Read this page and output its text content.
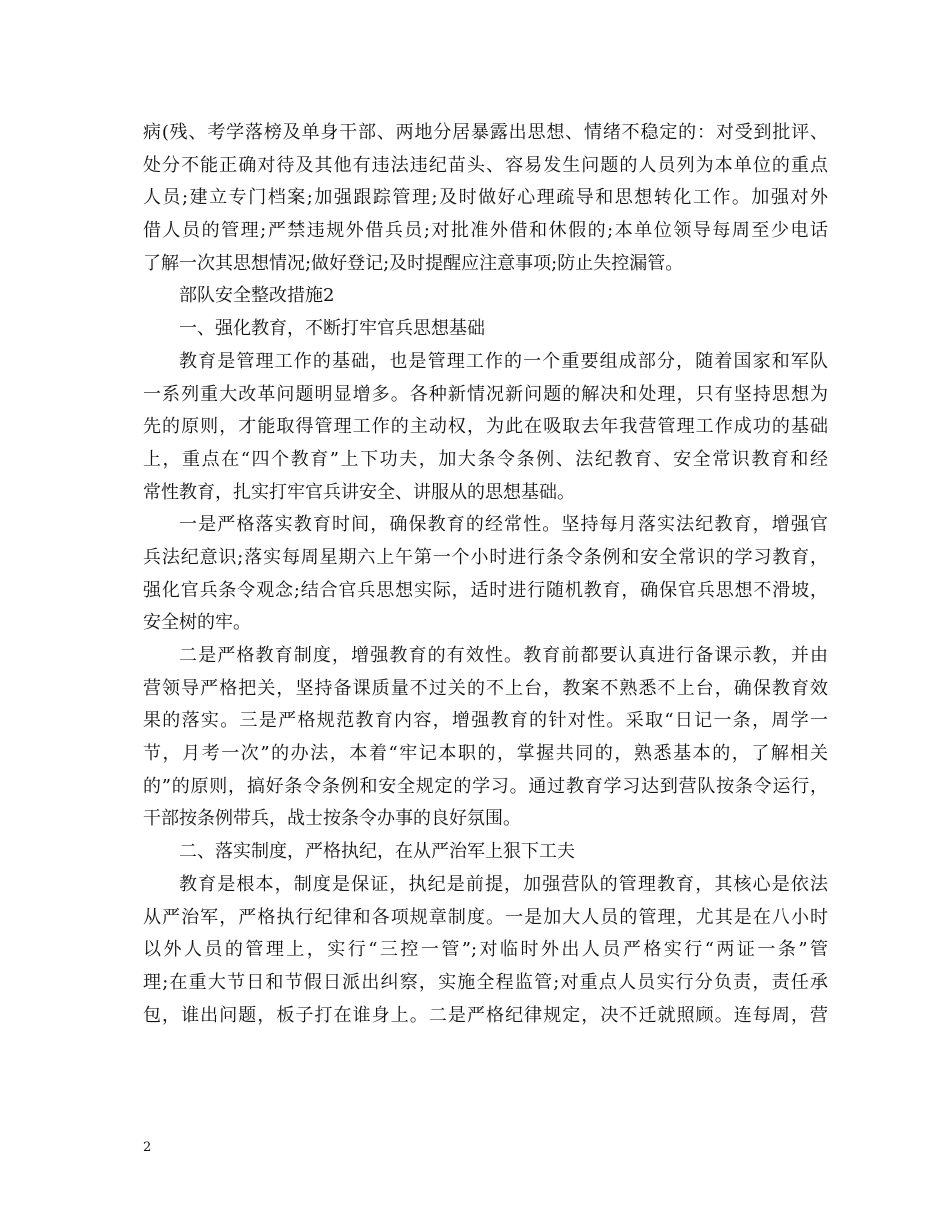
病(残、考学落榜及单身干部、两地分居暴露出思想、情绪不稳定的：对受到批评、
处分不能正确对待及其他有违法违纪苗头、容易发生问题的人员列为本单位的重点
人员;建立专门档案;加强跟踪管理;及时做好心理疏导和思想转化工作。加强对外
借人员的管理;严禁违规外借兵员;对批准外借和休假的;本单位领导每周至少电话
了解一次其思想情况;做好登记;及时提醒应注意事项;防止失控漏管。
部队安全整改措施2
一、强化教育，不断打牢官兵思想基础
教育是管理工作的基础，也是管理工作的一个重要组成部分，随着国家和军队
一系列重大改革问题明显增多。各种新情况新问题的解决和处理，只有坚持思想为
先的原则，才能取得管理工作的主动权，为此在吸取去年我营管理工作成功的基础
上，重点在“四个教育”上下功夫，加大条令条例、法纪教育、安全常识教育和经
常性教育，扎实打牢官兵讲安全、讲服从的思想基础。
一是严格落实教育时间，确保教育的经常性。坚持每月落实法纪教育，增强官
兵法纪意识;落实每周星期六上午第一个小时进行条令条例和安全常识的学习教育，
强化官兵条令观念;结合官兵思想实际，适时进行随机教育，确保官兵思想不滑坡，
安全树的牢。
二是严格教育制度，增强教育的有效性。教育前都要认真进行备课示教，并由
营领导严格把关，坚持备课质量不过关的不上台，教案不熟悉不上台，确保教育效
果的落实。三是严格规范教育内容，增强教育的针对性。采取“日记一条，周学一
节，月考一次”的办法，本着“牢记本职的，掌握共同的，熟悉基本的，了解相关
的”的原则，搞好条令条例和安全规定的学习。通过教育学习达到营队按条令运行，
干部按条例带兵，战士按条令办事的良好氛围。
二、落实制度，严格执纪，在从严治军上狠下工夫
教育是根本，制度是保证，执纪是前提，加强营队的管理教育，其核心是依法
从严治军，严格执行纪律和各项规章制度。一是加大人员的管理，尤其是在八小时
以外人员的管理上，实行“三控一管”;对临时外出人员严格实行“两证一条”管
理;在重大节日和节假日派出纠察，实施全程监管;对重点人员实行分负责，责任承
包，谁出问题，板子打在谁身上。二是严格纪律规定，决不迁就照顾。连每周，营
2
